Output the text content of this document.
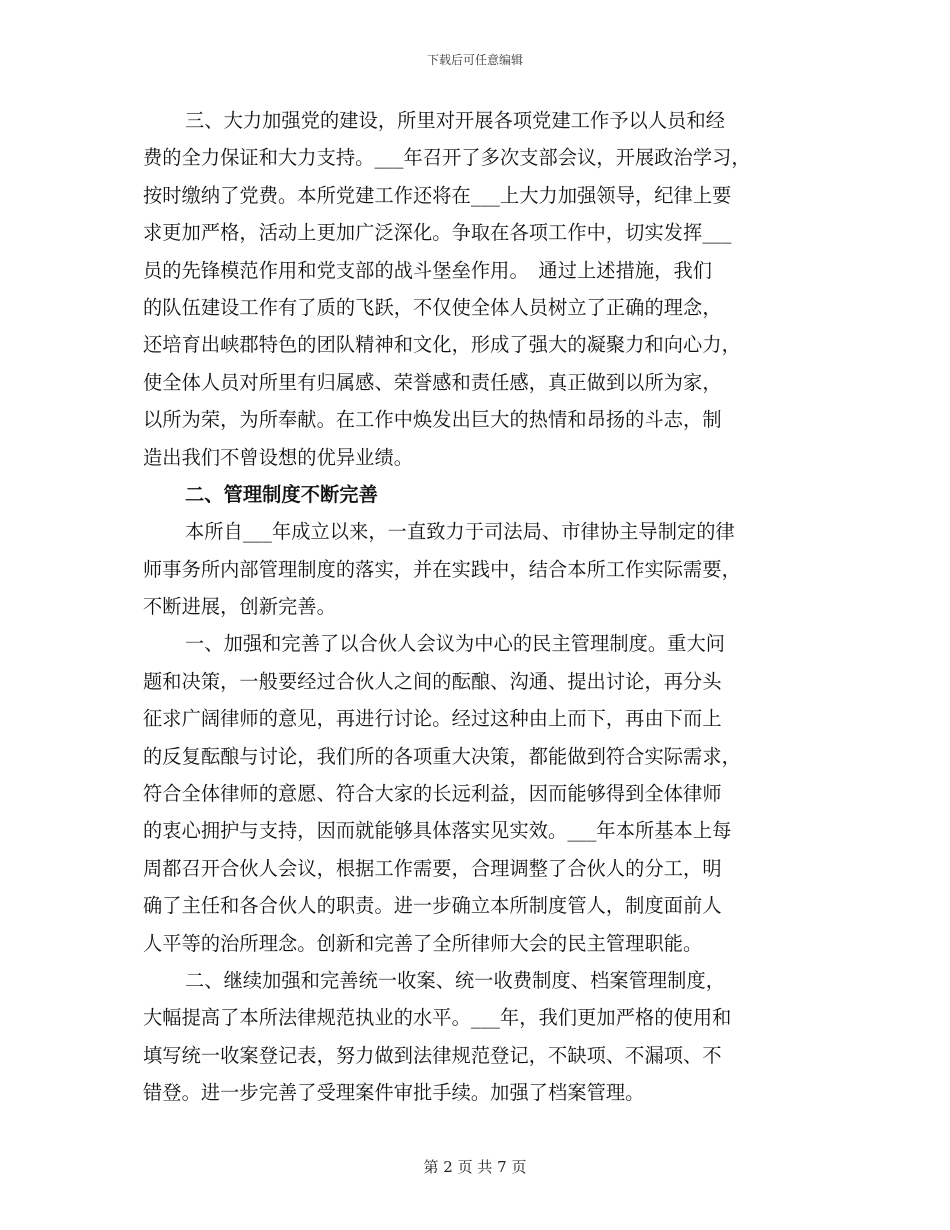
下载后可任意编辑
三、大力加强党的建设，所里对开展各项党建工作予以人员和经
费的全力保证和大力支持。___年召开了多次支部会议，开展政治学习，
按时缴纳了党费。本所党建工作还将在___上大力加强领导，纪律上要
求更加严格，活动上更加广泛深化。争取在各项工作中，切实发挥___
员的先锋模范作用和党支部的战斗堡垒作用。　通过上述措施，我们
的队伍建设工作有了质的飞跃，不仅使全体人员树立了正确的理念，
还培育出峡郡特色的团队精神和文化，形成了强大的凝聚力和向心力，
使全体人员对所里有归属感、荣誉感和责任感，真正做到以所为家，
以所为荣，为所奉献。在工作中焕发出巨大的热情和昂扬的斗志，制
造出我们不曾设想的优异业绩。
二、管理制度不断完善
本所自___年成立以来，一直致力于司法局、市律协主导制定的律
师事务所内部管理制度的落实，并在实践中，结合本所工作实际需要，
不断进展，创新完善。
一、加强和完善了以合伙人会议为中心的民主管理制度。重大问
题和决策，一般要经过合伙人之间的酝酿、沟通、提出讨论，再分头
征求广阔律师的意见，再进行讨论。经过这种由上而下，再由下而上
的反复酝酿与讨论，我们所的各项重大决策，都能做到符合实际需求，
符合全体律师的意愿、符合大家的长远利益，因而能够得到全体律师
的衷心拥护与支持，因而就能够具体落实见实效。___年本所基本上每
周都召开合伙人会议，根据工作需要，合理调整了合伙人的分工，明
确了主任和各合伙人的职责。进一步确立本所制度管人，制度面前人
人平等的治所理念。创新和完善了全所律师大会的民主管理职能。
二、继续加强和完善统一收案、统一收费制度、档案管理制度，
大幅提高了本所法律规范执业的水平。___年，我们更加严格的使用和
填写统一收案登记表，努力做到法律规范登记，不缺项、不漏项、不
错登。进一步完善了受理案件审批手续。加强了档案管理。
第 2 页 共 7 页
